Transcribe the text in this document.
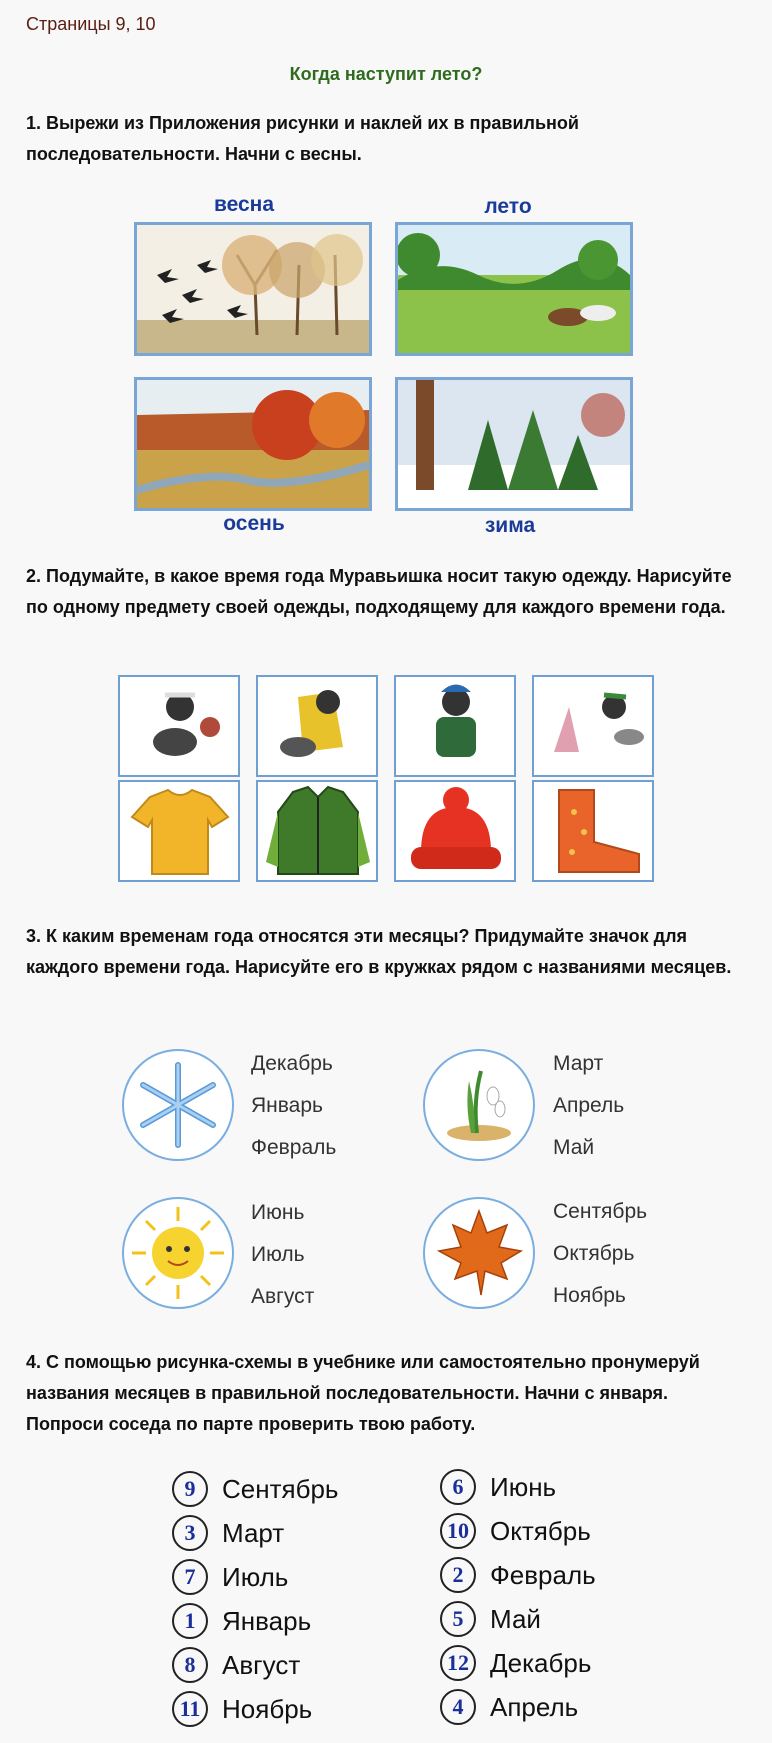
Страницы 9, 10
Когда наступит лето?
1. Вырежи из Приложения рисунки и наклей их в правильной последовательности. Начни с весны.
весна	лето
осень	зима
2. Подумайте, в какое время года Муравьишка носит такую одежду. Нарисуйте по одному предмету своей одежды, подходящему для каждого времени года.
3. К каким временам года относятся эти месяцы? Придумайте значок для каждого времени года. Нарисуйте его в кружках рядом с названиями месяцев.
Декабрь
Январь
Февраль
Март
Апрель
Май
Июнь
Июль
Август
Сентябрь
Октябрь
Ноябрь
4. С помощью рисунка-схемы в учебнике или самостоятельно пронумеруй названия месяцев в правильной последовательности. Начни с января. Попроси соседа по парте проверить твою работу.
9	Сентябрь
3	Март
7	Июль
1	Январь
8	Август
11 Ноябрь
6	Июнь
10 Октябрь
2	Февраль
5	Май
12 Декабрь
4	Апрель
